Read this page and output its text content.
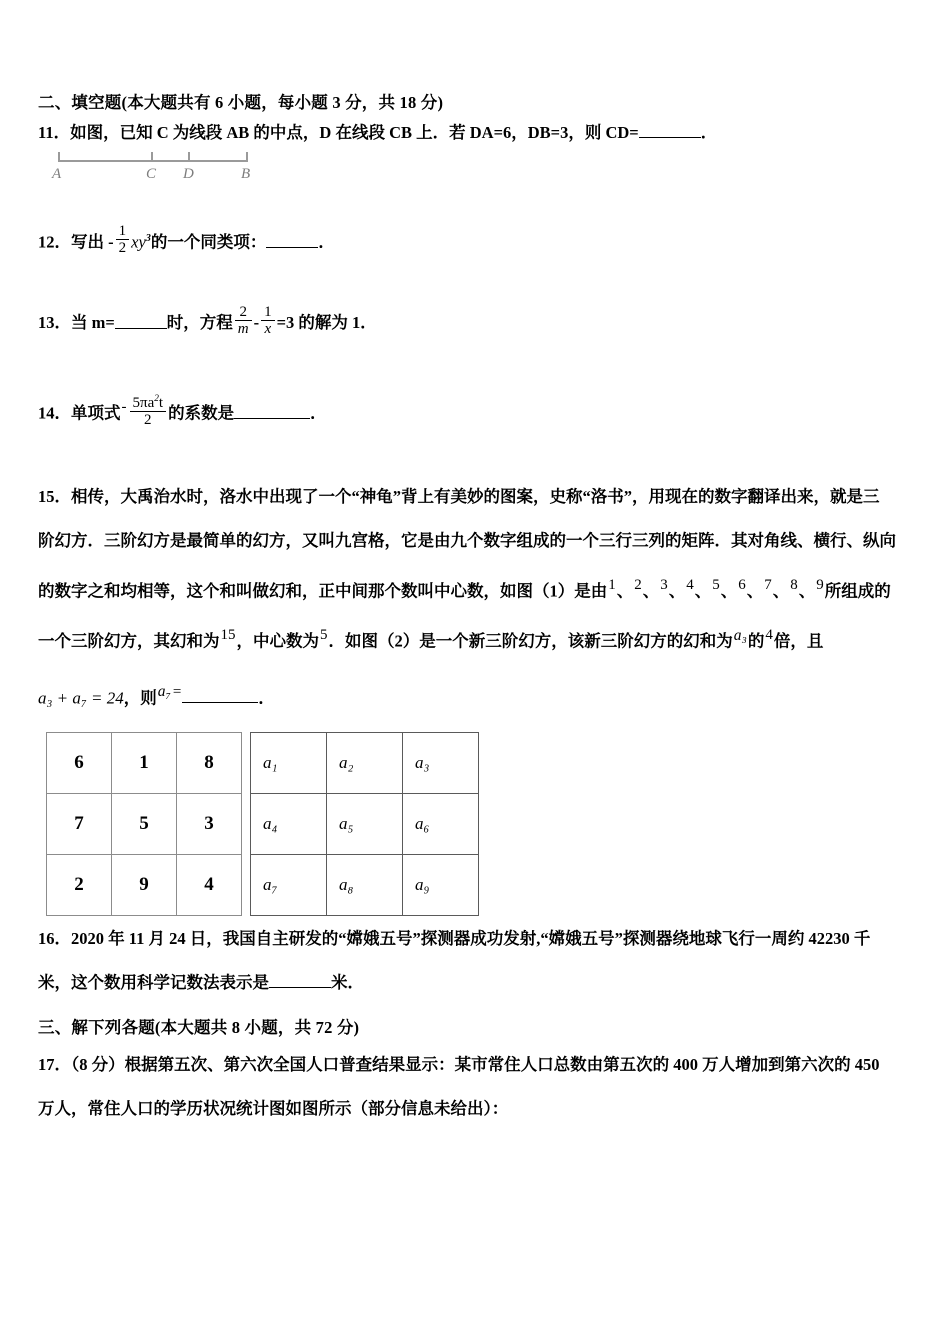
二、填空题(本大题共有 6 小题，每小题 3 分，共 18 分)
11．如图，已知 C 为线段 AB 的中点，D 在线段 CB 上．若 DA=6，DB=3，则 CD=	．
A	C D	B
12．写出 - $\frac{1}{2} xy^3$的一个同类项：	．
13．当 m=	时，方程 $\frac{2}{m} - \frac{1}{x} =3$ 的解为 1．
14．单项式- $\frac{5\pi a^2t}{2}$ 的系数是	．
15．相传，大禹治水时，洛水中出现了一个“神龟”背上有美妙的图案，史称“洛书”，用现在的数字翻译出来，就是三
阶幻方．三阶幻方是最简单的幻方，又叫九宫格，它是由九个数字组成的一个三行三列的矩阵．其对角线、横行、纵向
的数字之和均相等，这个和叫做幻和，正中间那个数叫中心数，如图（1）是由1、2、3、4、5、6、7、8、9所组成的
一个三阶幻方，其幻和为15，中心数为5．如图（2）是一个新三阶幻方，该新三阶幻方的幻和为a₃的4倍，且
a₃ + a₇ = 24，则a₇ =	．
6	1	8
7	5	3
2	9	4
a₁	a₂	a₃
a₄	a₅	a₆
a₇	a₈	a₉
16．2020 年 11 月 24 日，我国自主研发的“嫦娥五号”探测器成功发射,“嫦娥五号”探测器绕地球飞行一周约 42230 千
米，这个数用科学记数法表示是	米．
三、解下列各题(本大题共 8 小题，共 72 分)
17．（8 分）根据第五次、第六次全国人口普查结果显示：某市常住人口总数由第五次的 400 万人增加到第六次的 450
万人，常住人口的学历状况统计图如图所示（部分信息未给出）：
